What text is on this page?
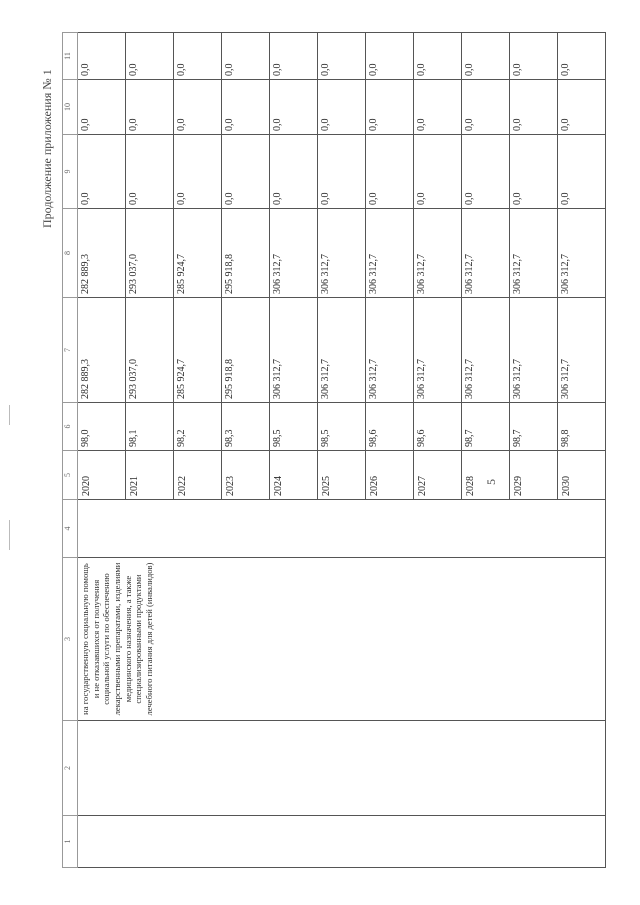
Продолжение приложения № 1
5
1	2	3	4	5	6	7	8	9	10	11
		на государственную социальную помощь и не отказавшихся от получения социальной услуги по обеспечению лекарственными препаратами, изделиями медицинского назначения, а также специализированными продуктами лечебного питания для детей (инвалидов)		2020	98,0	282 889,3	282 889,3	0,0	0,0	0,0
				2021	98,1	293 037,0	293 037,0	0,0	0,0	0,0
				2022	98,2	285 924,7	285 924,7	0,0	0,0	0,0
				2023	98,3	295 918,8	295 918,8	0,0	0,0	0,0
				2024	98,5	306 312,7	306 312,7	0,0	0,0	0,0
				2025	98,5	306 312,7	306 312,7	0,0	0,0	0,0
				2026	98,6	306 312,7	306 312,7	0,0	0,0	0,0
				2027	98,6	306 312,7	306 312,7	0,0	0,0	0,0
				2028	98,7	306 312,7	306 312,7	0,0	0,0	0,0
				2029	98,7	306 312,7	306 312,7	0,0	0,0	0,0
				2030	98,8	306 312,7	306 312,7	0,0	0,0	0,0
